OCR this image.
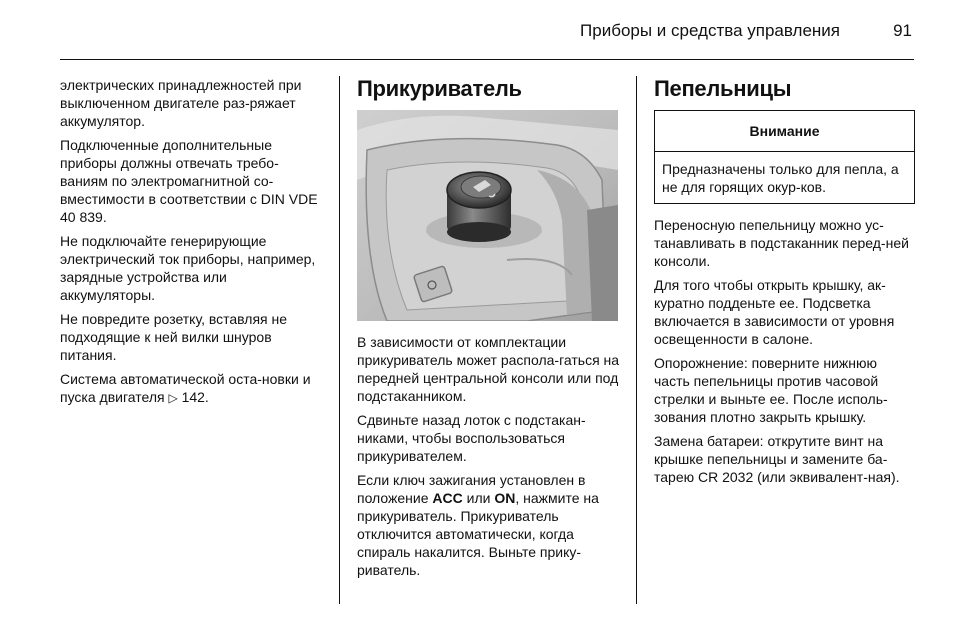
Приборы и средства управления	91

электрических принадлежностей при выключенном двигателе раз-ряжает аккумулятор.

Подключенные дополнительные приборы должны отвечать требо-ваниям по электромагнитной со-вместимости в соответствии с DIN VDE 40 839.

Не подключайте генерирующие электрический ток приборы, например, зарядные устройства или аккумуляторы.

Не повредите розетку, вставляя не подходящие к ней вилки шнуров питания.

Система автоматической оста-новки и пуска двигателя ▷ 142.

Прикуриватель

В зависимости от комплектации прикуриватель может распола-гаться на передней центральной консоли или под подстаканником.

Сдвиньте назад лоток с подстакан-никами, чтобы воспользоваться прикуривателем.

Если ключ зажигания установлен в положение ACC или ON, нажмите на прикуриватель. Прикуриватель отключится автоматически, когда спираль накалится. Выньте прику-риватель.

Пепельницы
Внимание
Предназначены только для пепла, а не для горящих окур-ков.

Переносную пепельницу можно ус-танавливать в подстаканник перед-ней консоли.

Для того чтобы открыть крышку, ак-куратно подденьте ее. Подсветка включается в зависимости от уровня освещенности в салоне.

Опорожнение: поверните нижнюю часть пепельницы против часовой стрелки и выньте ее. После исполь-зования плотно закрыть крышку.

Замена батареи: открутите винт на крышке пепельницы и замените ба-тарею CR 2032 (или эквивалент-ная).
